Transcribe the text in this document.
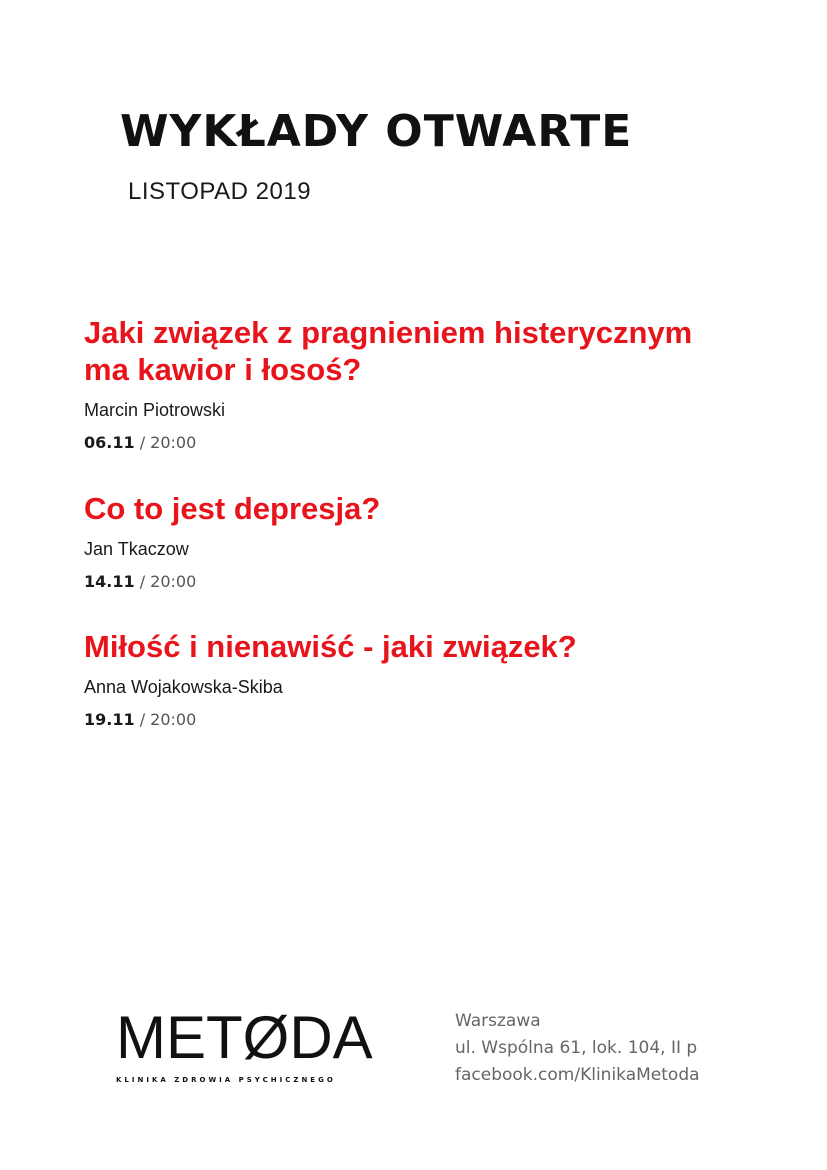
WYKŁADY OTWARTE
LISTOPAD 2019
Jaki związek z pragnieniem histerycznym ma kawior i łosoś?
Marcin Piotrowski
06.11 / 20:00
Co to jest depresja?
Jan Tkaczow
14.11 / 20:00
Miłość i nienawiść - jaki związek?
Anna Wojakowska-Skiba
19.11 / 20:00
METØDA
KLINIKA ZDROWIA PSYCHICZNEGO
Warszawa
ul. Wspólna 61, lok. 104, II p
facebook.com/KlinikaMetoda
